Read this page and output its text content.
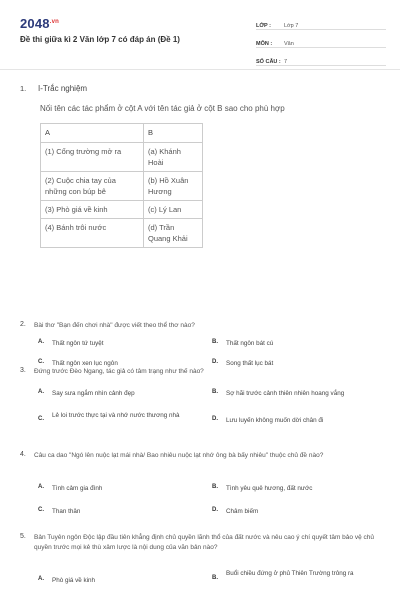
$2048^{.vn}$
Đề thi giữa kì 2 Văn lớp 7 có đáp án (Đề 1)
LỚP :	Lớp 7
MÔN :	Văn
SỐ CÂU : 7
1. I-Trắc nghiệm
Nối tên các tác phẩm ở cột A với tên tác giả ở cột B sao cho phù hợp
A	B
(1) Cổng trường mở ra	(a) Khánh Hoài
(2) Cuộc chia tay của những con búp bê	(b) Hồ Xuân Hương
(3) Phò giá về kinh	(c) Lý Lan
(4) Bánh trôi nước	(d) Trần Quang Khải
2. Bài thơ "Bạn đến chơi nhà" được viết theo thể thơ nào?
A. Thất ngôn tứ tuyệt	B. Thất ngôn bát cú
C. Thất ngôn xen lục ngôn	D. Song thất lục bát
3. Đứng trước Đèo Ngang, tác giả có tâm trạng như thế nào?
A. Say sưa ngắm nhìn cảnh đẹp	B. Sợ hãi trước cảnh thiên nhiên hoang vắng
C. Lẻ loi trước thực tại và nhớ nước thương nhà	D. Lưu luyến không muốn dời chân đi
4. Câu ca dao "Ngó lên nuộc lạt mái nhà/ Bao nhiêu nuộc lạt nhớ ông bà bấy nhiêu" thuộc chủ đề nào?
A. Tình cảm gia đình	B. Tình yêu quê hương, đất nước
C. Than thân	D. Châm biếm
5. Bản Tuyên ngôn Độc lập đầu tiên khẳng định chủ quyền lãnh thổ của đất nước và nêu cao ý chí quyết tâm bảo vệ chủ quyền trước mọi kẻ thù xâm lược là nội dung của văn bản nào?
A. Phò giá về kinh	B.
Buổi chiều đứng ở phủ Thiên Trường trông ra
